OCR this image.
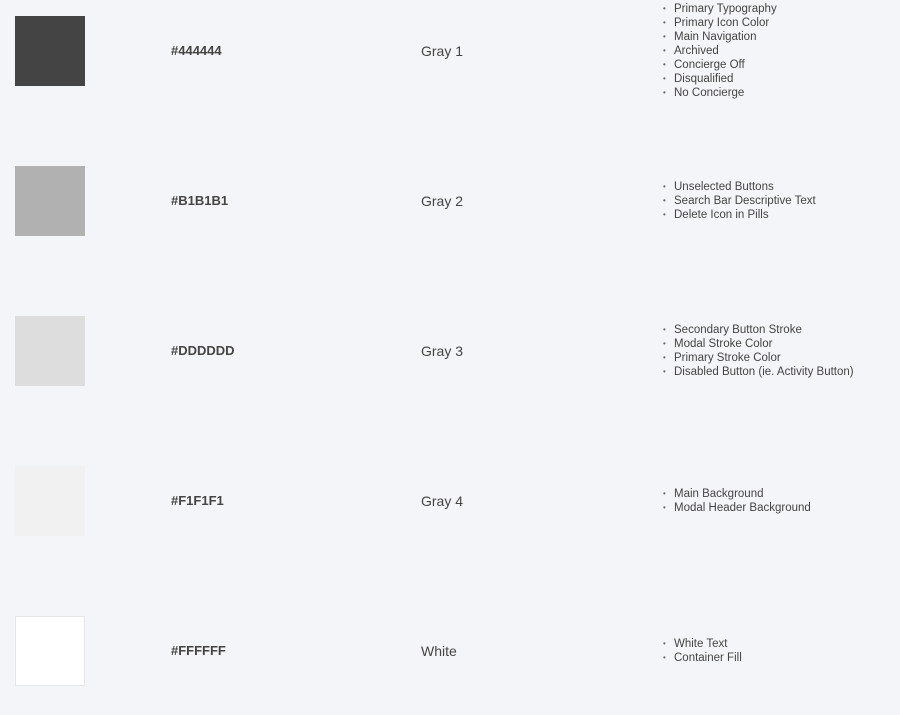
#444444	Gray 1
• Primary Typography
• Primary Icon Color
• Main Navigation
• Archived
• Concierge Off
• Disqualified
• No Concierge
#B1B1B1	Gray 2
• Unselected Buttons
• Search Bar Descriptive Text
• Delete Icon in Pills
#DDDDDD	Gray 3
• Secondary Button Stroke
• Modal Stroke Color
• Primary Stroke Color
• Disabled Button (ie. Activity Button)
#F1F1F1	Gray 4	• Main Background
• Modal Header Background
#FFFFFF	White	• White Text
• Container Fill
